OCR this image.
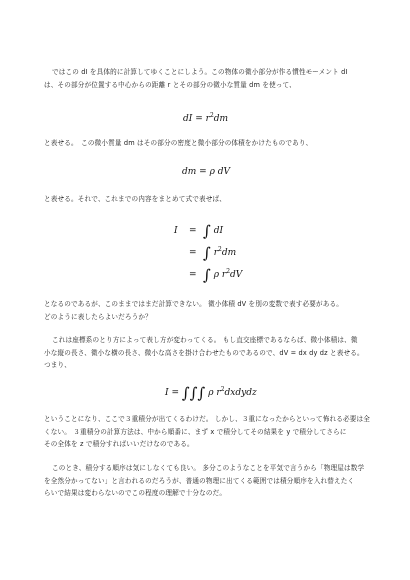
ではこの dI を具体的に計算してゆくことにしよう。この物体の微小部分が作る慣性モーメント dI
は、その部分が位置する中心からの距離 r とその部分の微小な質量 dm を使って、
dI = $r^2dm$
と表せる。　この微小質量 dm はその部分の密度と微小部分の体積をかけたものであり、
dm = ρ dV
と表せる。それで、これまでの内容をまとめて式で表せば、
I = ∫ dI
= ∫ $r^2dm$
= ∫ ρ $r^2dV$
となるのであるが、このままではまだ計算できない。 微小体積 dV を別の変数で表す必要がある。
どのように表したらよいだろうか？
これは座標系のとり方によって表し方が変わってくる。 もし直交座標であるならば、微小体積は、微
小な縦の長さ、微小な横の長さ、微小な高さを掛け合わせたものであるので、dV = dx dy dz と表せる。
つまり、
I = ∫∫∫ ρ $r^2dxdydz$
ということになり、ここで３重積分が出てくるわけだ。 しかし、３重になったからといって怖れる必要は全
くない。 ３重積分の計算方法は、中から順番に、まず x で積分してその結果を y で積分してさらに
その全体を z で積分すればいいだけなのである。
このとき、積分する順序は気にしなくても良い。 多分このようなことを平気で言うから「物理屋は数学
を全然分かってない」と言われるのだろうが、普通の物理に出てくる範囲では積分順序を入れ替えたく
らいで結果は変わらないのでこの程度の理解で十分なのだ。
